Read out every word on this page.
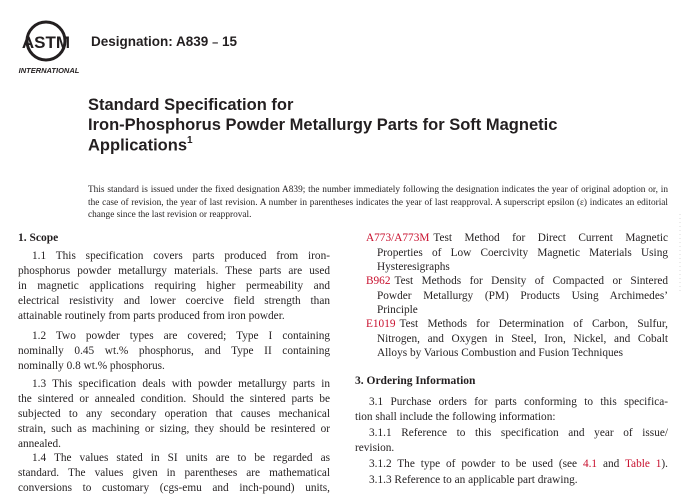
ASTM
INTERNATIONAL
Designation: A839 – 15
Standard Specification for
Iron-Phosphorus Powder Metallurgy Parts for Soft Magnetic
Applications$^1$
This standard is issued under the fixed designation A839; the number immediately following the designation indicates the year of original adoption or, in the case of revision, the year of last revision. A number in parentheses indicates the year of last reapproval. A superscript epsilon (ε) indicates an editorial change since the last revision or reapproval.
1. Scope

1.1 This specification covers parts produced from iron-

phosphorus powder metallurgy materials. These parts are used

in magnetic applications requiring higher permeability and

electrical resistivity and lower coercive field strength than

attainable routinely from parts produced from iron powder.

1.2 Two powder types are covered; Type I containing

nominally 0.45 wt.% phosphorus, and Type II containing

nominally 0.8 wt.% phosphorus.

1.3 This specification deals with powder metallurgy parts in

the sintered or annealed condition. Should the sintered parts be

subjected to any secondary operation that causes mechanical

strain, such as machining or sizing, they should be resintered or

annealed.

1.4 The values stated in SI units are to be regarded as

standard. The values given in parentheses are mathematical

conversions to customary (cgs-emu and inch-pound) units,

A773/A773M Test Method for Direct Current Magnetic
Properties of Low Coercivity Magnetic Materials Using
Hysteresigraphs
B962 Test Methods for Density of Compacted or Sintered
Powder Metallurgy (PM) Products Using Archimedes’
Principle
E1019 Test Methods for Determination of Carbon, Sulfur,
Nitrogen, and Oxygen in Steel, Iron, Nickel, and Cobalt
Alloys by Various Combustion and Fusion Techniques
3. Ordering Information

3.1 Purchase orders for parts conforming to this specifica-

tion shall include the following information:

3.1.1 Reference to this specification and year of issue/

revision.

3.1.2 The type of powder to be used (see 4.1 and Table 1).

3.1.3 Reference to an applicable part drawing.
